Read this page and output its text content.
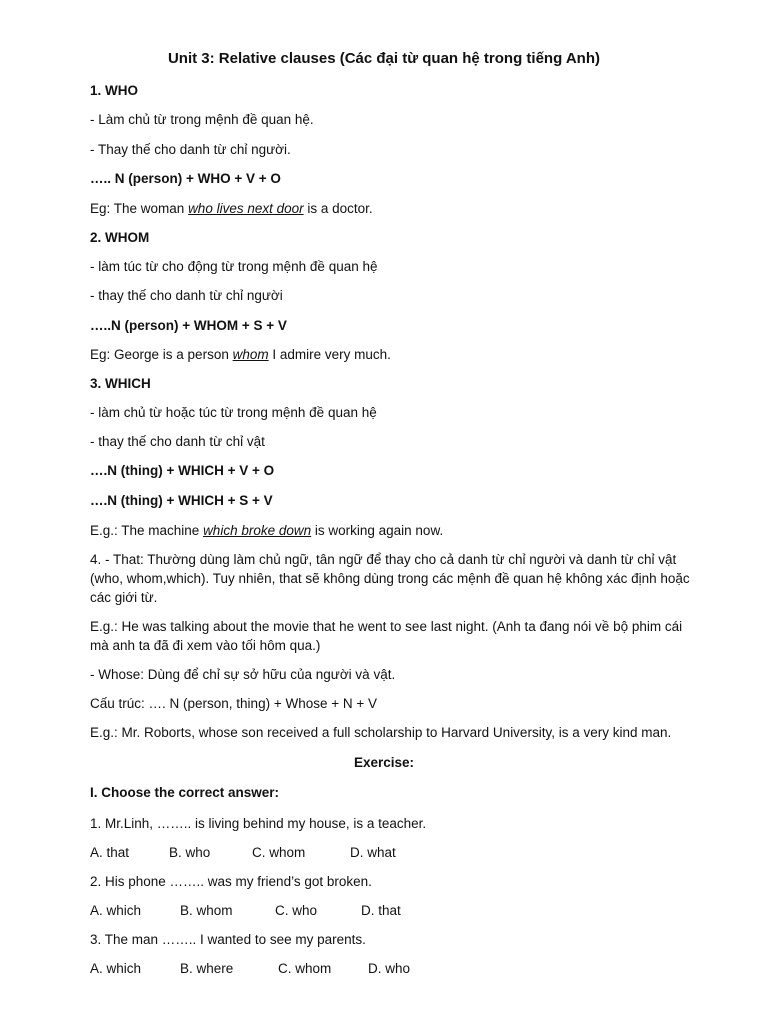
Unit 3: Relative clauses (Các đại từ quan hệ trong tiếng Anh)
1. WHO
- Làm chủ từ trong mệnh đề quan hệ.
- Thay thế cho danh từ chỉ người.
….. N (person) + WHO + V + O
Eg: The woman who lives next door is a doctor.
2. WHOM
- làm túc từ cho động từ trong mệnh đề quan hệ
- thay thế cho danh từ chỉ người
…..N (person) + WHOM + S + V
Eg: George is a person whom I admire very much.
3. WHICH
- làm chủ từ hoặc túc từ trong mệnh đề quan hệ
- thay thế cho danh từ chỉ vật
….N (thing) + WHICH + V + O
….N (thing) + WHICH + S + V
E.g.: The machine which broke down is working again now.
4. - That: Thường dùng làm chủ ngữ, tân ngữ để thay cho cả danh từ chỉ người và danh từ chỉ vật (who, whom,which). Tuy nhiên, that sẽ không dùng trong các mệnh đề quan hệ không xác định hoặc các giới từ.
E.g.: He was talking about the movie that he went to see last night. (Anh ta đang nói về bộ phim cái mà anh ta đã đi xem vào tối hôm qua.)
- Whose: Dùng để chỉ sự sở hữu của người và vật.
Cấu trúc: …. N (person, thing) + Whose + N + V
E.g.: Mr. Roborts, whose son received a full scholarship to Harvard University, is a very kind man.
Exercise:
I. Choose the correct answer:
1. Mr.Linh, …….. is living behind my house, is a teacher.
A. that	B. who	C. whom	D. what
2. His phone …….. was my friend’s got broken.
A. which	B. whom	C. who	D. that
3. The man …….. I wanted to see my parents.
A. which	B. where	C. whom	D. who
